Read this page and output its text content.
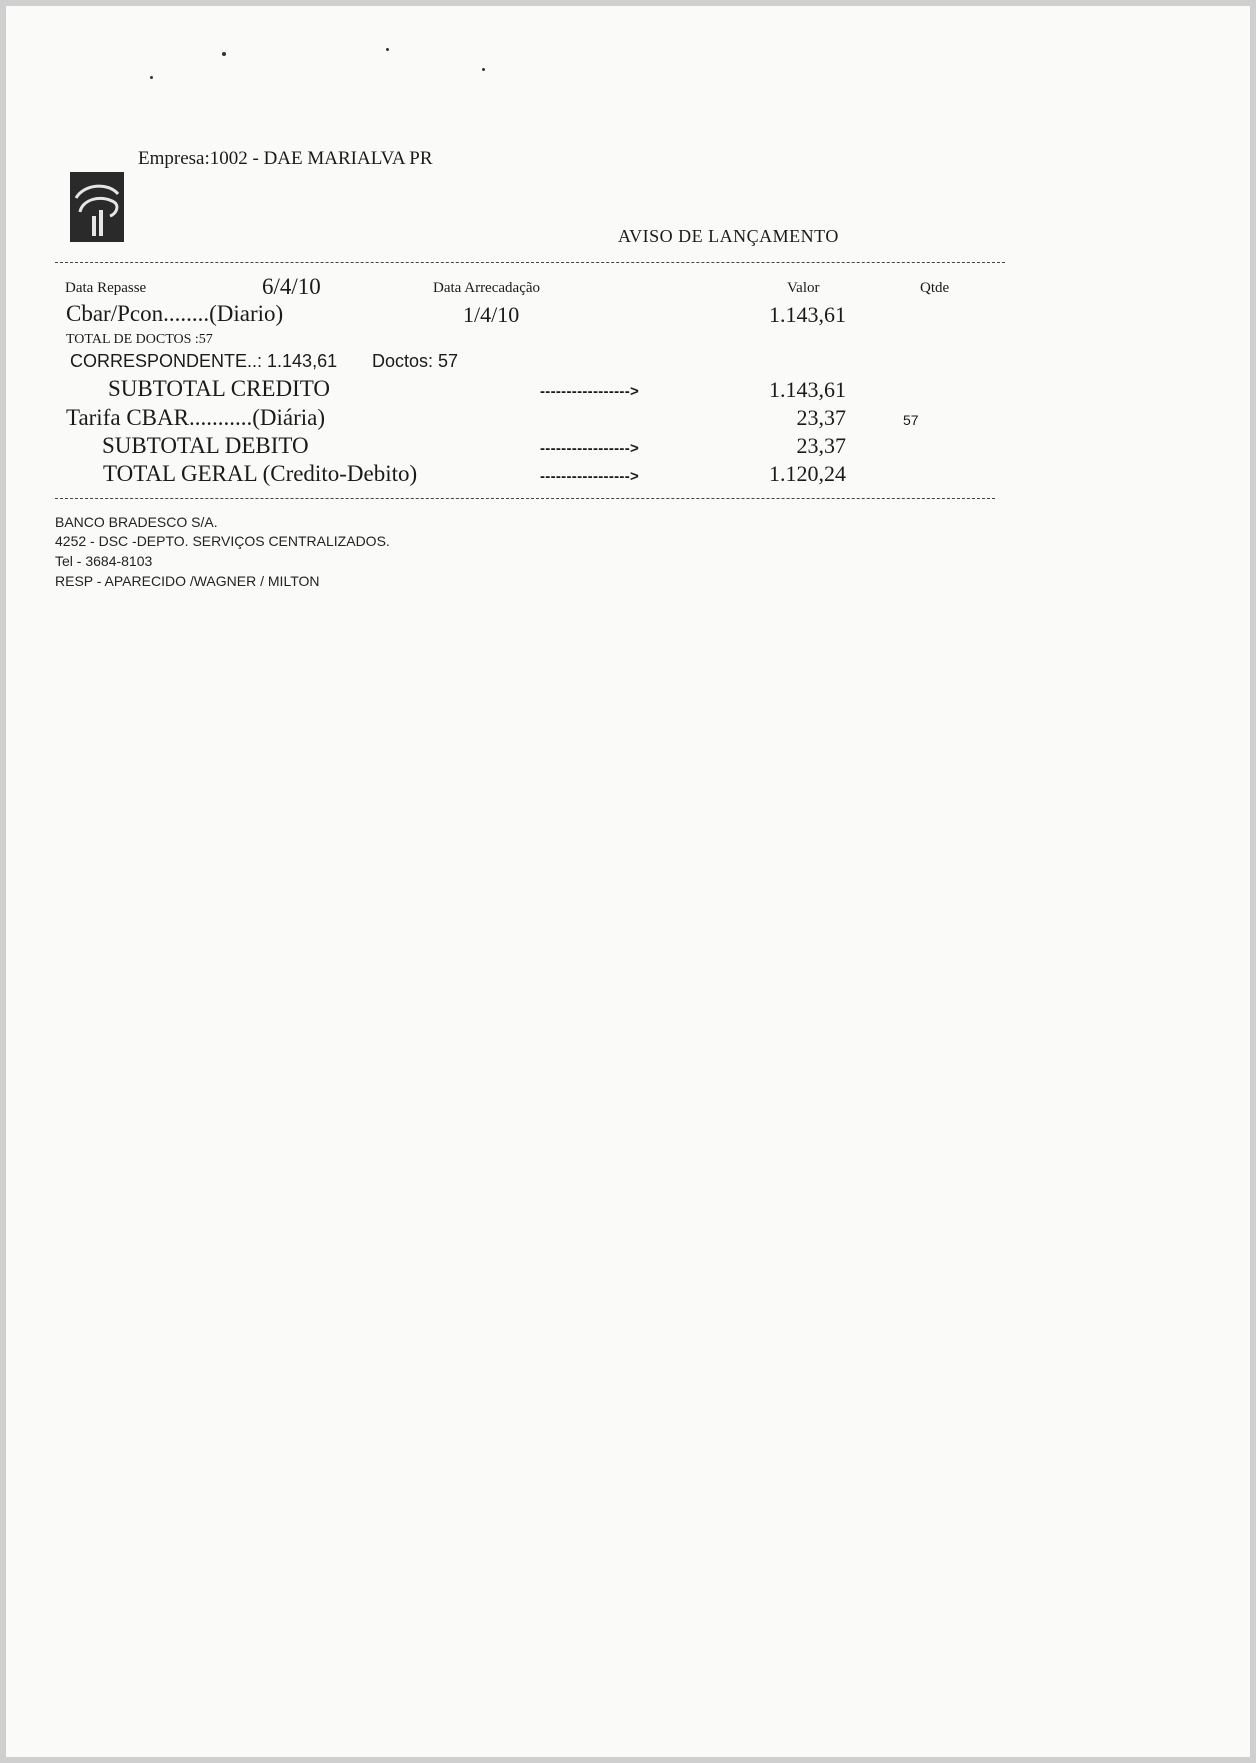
Empresa:1002 - DAE MARIALVA PR
AVISO DE LANÇAMENTO
Data Repasse	6/4/10	Data Arrecadação	Valor	Qtde
Cbar/Pcon........(Diario)	1/4/10	1.143,61
TOTAL DE DOCTOS :57
CORRESPONDENTE..: 1.143,61 Doctos: 57
SUBTOTAL CREDITO	----------------->	1.143,61
Tarifa CBAR...........(Diária)	23,37	57
SUBTOTAL DEBITO	----------------->	23,37
TOTAL GERAL (Credito-Debito)	----------------->	1.120,24
BANCO BRADESCO S/A.
4252 - DSC -DEPTO. SERVIÇOS CENTRALIZADOS.
Tel - 3684-8103
RESP - APARECIDO /WAGNER / MILTON
